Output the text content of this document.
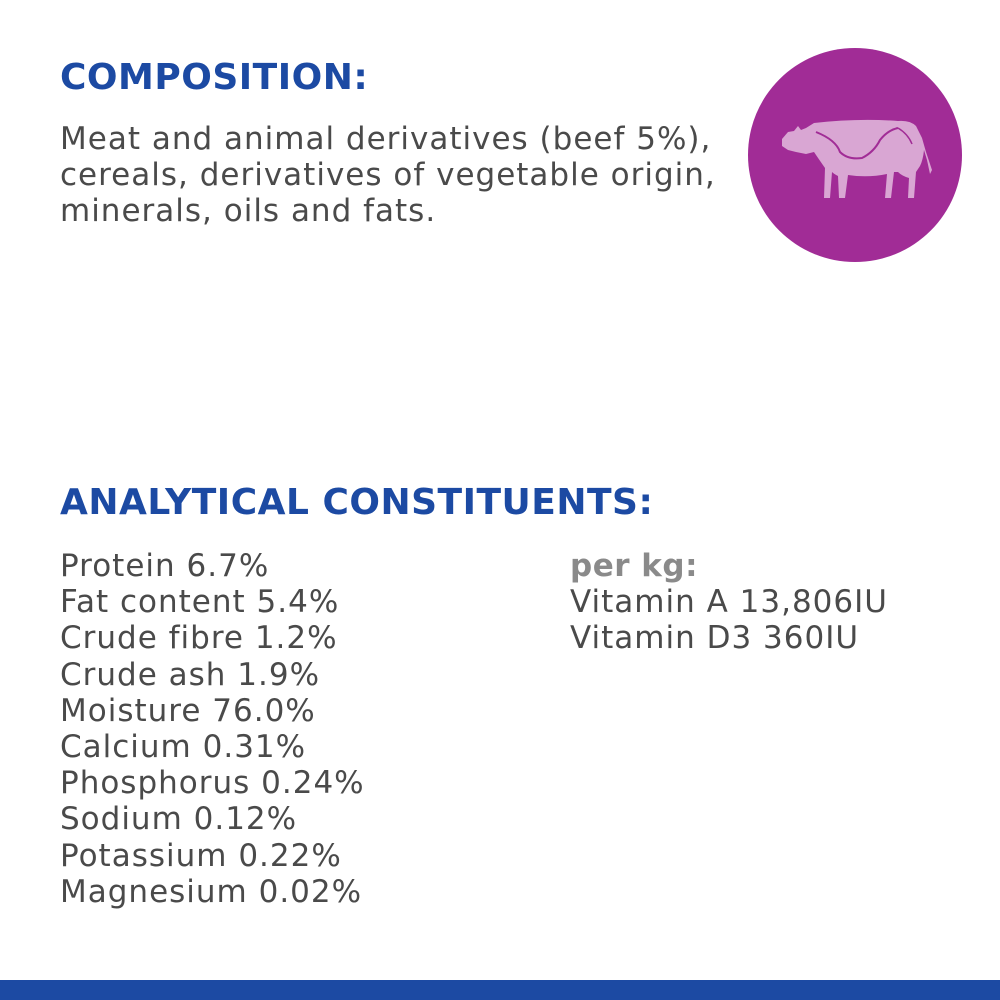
COMPOSITION:

Meat and animal derivatives (beef 5%), cereals, derivatives of vegetable origin, minerals, oils and fats.

ANALYTICAL CONSTITUENTS:
Protein 6.7%
Fat content 5.4%
Crude fibre 1.2%
Crude ash 1.9%
Moisture 76.0%
Calcium 0.31%
Phosphorus 0.24%
Sodium 0.12%
Potassium 0.22%
Magnesium 0.02%
per kg:
Vitamin A 13,806IU
Vitamin D3 360IU
